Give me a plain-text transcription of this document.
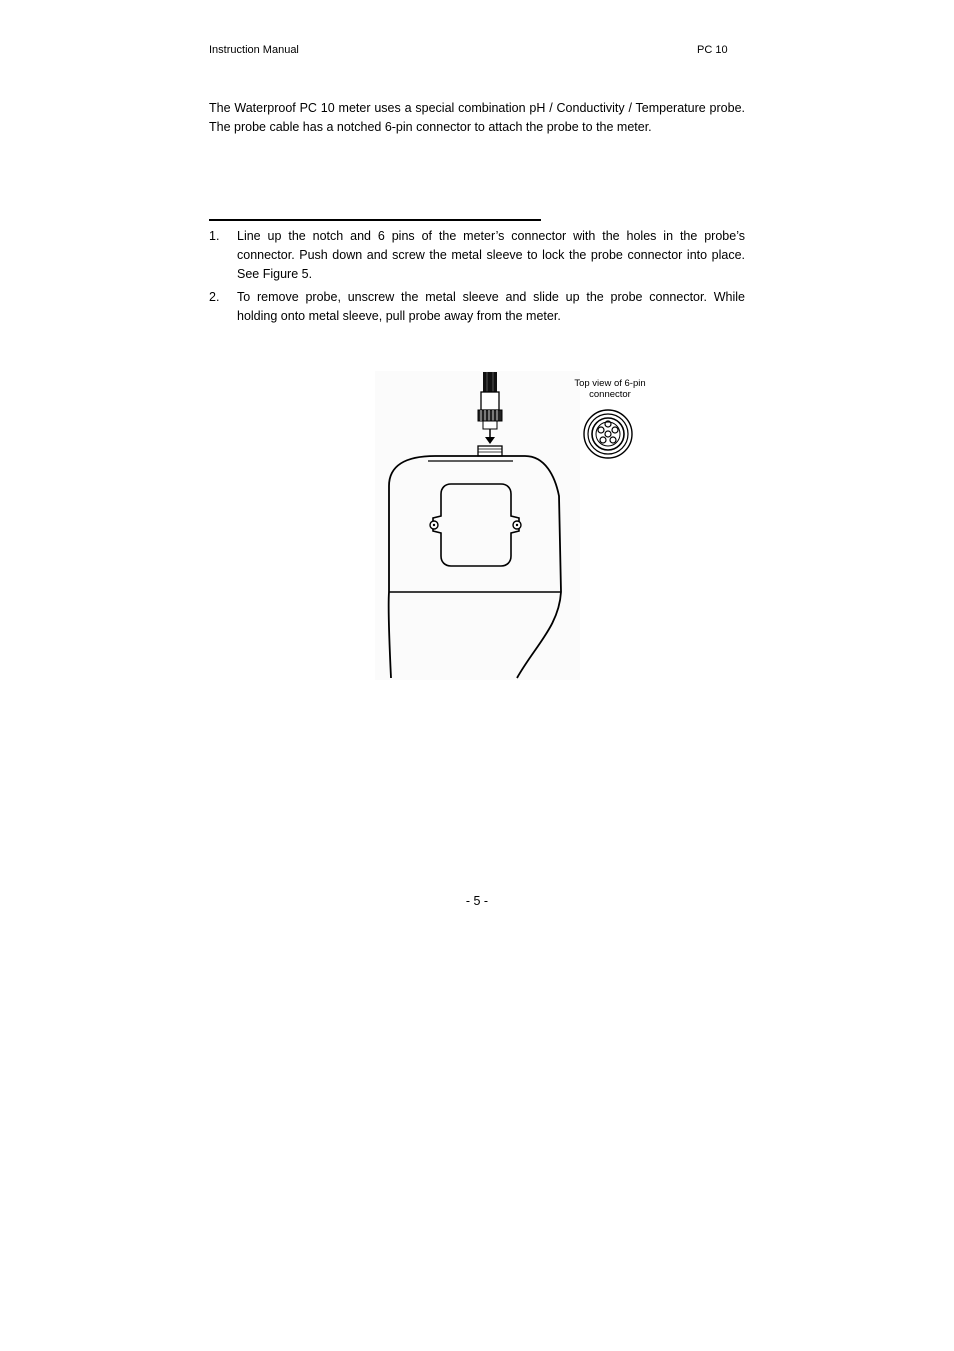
Instruction Manual	PC 10

The Waterproof PC 10 meter uses a special combination pH / Conductivity / Temperature probe. The probe cable has a notched 6-pin connector to attach the probe to the meter.

1. Line up the notch and 6 pins of the meter’s connector with the holes in the probe’s connector. Push down and screw the metal sleeve to lock the probe connector into place. See Figure 5.

2. To remove probe, unscrew the metal sleeve and slide up the probe connector. While holding onto metal sleeve, pull probe away from the meter.

Top view of 6-pin connector
- 5 -
